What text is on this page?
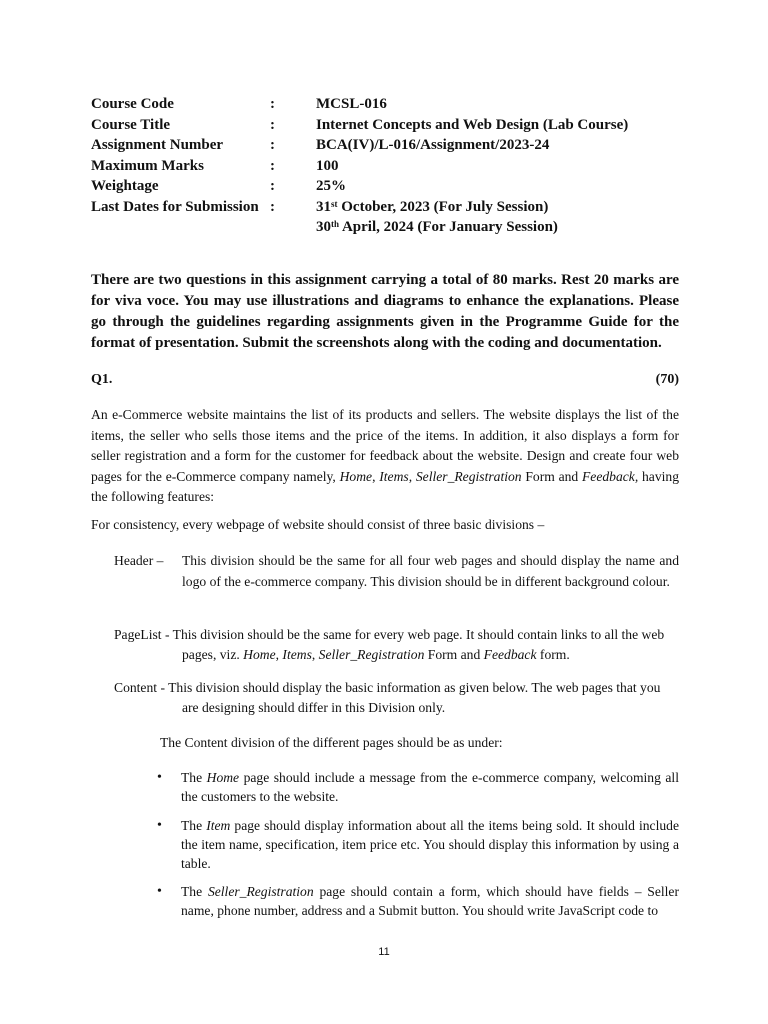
Course Code	:	MCSL-016
Course Title	:	Internet Concepts and Web Design (Lab Course)
Assignment Number	:	BCA(IV)/L-016/Assignment/2023-24
Maximum Marks	:	100
Weightage	:	25%
Last Dates for Submission :	31st October, 2023 (For July Session)
30th April, 2024 (For January Session)
There are two questions in this assignment carrying a total of 80 marks. Rest 20 marks are for viva voce. You may use illustrations and diagrams to enhance the explanations. Please go through the guidelines regarding assignments given in the Programme Guide for the format of presentation. Submit the screenshots along with the coding and documentation.
Q1.	(70)

An e-Commerce website maintains the list of its products and sellers. The website displays the list of the items, the seller who sells those items and the price of the items. In addition, it also displays a form for seller registration and a form for the customer for feedback about the website. Design and create four web pages for the e-Commerce company namely, Home, Items, Seller_Registration Form and Feedback, having the following features:

For consistency, every webpage of website should consist of three basic divisions –

Header – This division should be the same for all four web pages and should display the name and logo of the e-commerce company. This division should be in different background colour.
PageList - This division should be the same for every web page. It should contain links to all the web
pages, viz. Home, Items, Seller_Registration Form and Feedback form.
Content - This division should display the basic information as given below. The web pages that you
are designing should differ in this Division only.
The Content division of the different pages should be as under:
• The Home page should include a message from the e-commerce company, welcoming all the customers to the website.
• The Item page should display information about all the items being sold. It should include the item name, specification, item price etc. You should display this information by using a table.
• The Seller_Registration page should contain a form, which should have fields – Seller name, phone number, address and a Submit button. You should write JavaScript code to
11
